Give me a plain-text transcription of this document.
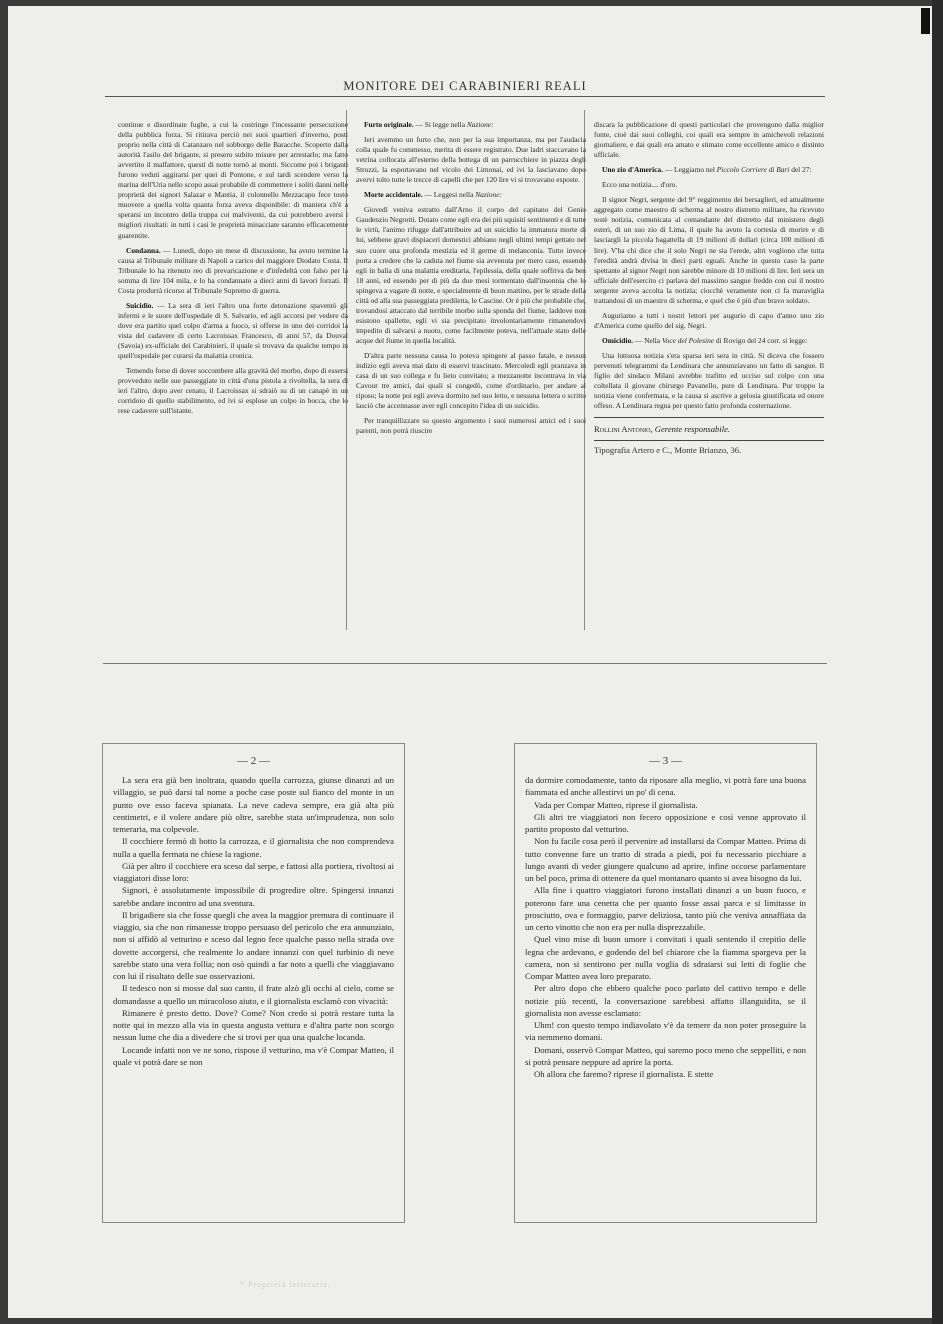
MONITORE DEI CARABINIERI REALI

continue e disordinate fughe, a cui la costringe l'incessante persecuzione della pubblica forza. Si ritirava perciò nei suoi quartieri d'inverno, posti proprio nella città di Catanzaro nel sobborgo delle Baracche. Scoperto dalla autorità l'asilo del brigante, si presero subito misure per arrestarlo; ma fatto avvertito il malfattore, questi di notte tornò ai monti. Siccome poi i briganti furono veduti aggirarsi per quei di Pontone, e sul tardi scendere verso la marina dell'Uria nello scopo assai probabile di commettere i soliti danni nelle proprietà dei signori Salazar e Mantia, il colonnello Mezzacapo fece tosto muovere a quella volta quanta forza aveva disponibile: di maniera ch'è a sperarsi un incontro della truppa coi malviventi, da cui potrebbero aversi i migliori risultati: in tutti i casi le proprietà minacciate saranno efficacemente guarentite.

Condanna. — Lunedì, dopo un mese di discussione, ha avuto termine la causa al Tribunale militare di Napoli a carico del maggiore Diodato Costa. Il Tribunale lo ha ritenuto reo di prevaricazione e d'infedeltà con falso per la somma di lire 104 mila, e lo ha condannato a dieci anni di lavori forzati. Il Costa produrrà ricorso al Tribunale Supremo di guerra.

Suicidio. — La sera di ieri l'altro una forte detonazione spaventò gli infermi e le suore dell'ospedale di S. Salvario, ed agli accorsi per vedere da dove era partito quel colpo d'arma a fuoco, si offerse in uno dei corridoi la vista del cadavere di certo Lacroissax Francesco, di anni 57, da Douval (Savoia) ex-ufficiale dei Carabinieri, il quale si trovava da qualche tempo in quell'ospedale per curarsi da malattia cronica.

Temendo forse di dover soccombere alla gravità del morbo, dopo di essersi provveduto nelle sue passeggiate in città d'una pistola a rivoltella, la sera di ieri l'altro, dopo aver cenato, il Lacroissax si sdraiò su di un canapè in un corridoio di quello stabilimento, ed ivi si esplose un colpo in bocca, che lo rese cadavere sull'istante.

Furto originale. — Si legge nella Nazione:

Ieri avemmo un furto che, non per la sua importanza, ma per l'audacia colla quale fu commesso, merita di essere registrato. Due ladri staccavano la vetrina collocata all'esterno della bottega di un parrucchiere in piazza degli Strozzi, la esportavano nel vicolo dei Limonai, ed ivi la lasciavano dopo avervi tolto tutte le trecce di capelli che per 120 lire vi si trovavano esposte.

Morte accidentale. — Leggesi nella Nazione:

Giovedì veniva estratto dall'Arno il corpo del capitano del Genio Gaudenzio Negrotti. Dotato come egli era dei più squisiti sentimenti e di tutte le virtù, l'animo rifugge dall'attribuire ad un suicidio la immatura morte di lui, sebbene gravi dispiaceri domestici abbiano negli ultimi tempi gettato nel suo cuore una profonda mestizia ed il germe di melanconia. Tutto invece porta a credere che la caduta nel fiume sia avvenuta per mero caso, essendo egli in balìa di una malattia ereditaria, l'epilessia, della quale soffriva da ben 18 anni, ed essendo per di più da due mesi tormentato dall'insonnia che lo spingeva a vagare di notte, e specialmente di buon mattino, per le strade della città od alla sua passeggiata prediletta, le Cascine. Or è più che probabile che, trovandosi attaccato dal terribile morbo sulla sponda del fiume, laddove non esistono spallette, egli vi sia precipitato involontariamente rimanendovi impedito di salvarsi a nuoto, come facilmente poteva, nell'attuale stato delle acque del fiume in quella località.

D'altra parte nessuna causa lo poteva spingere al passo fatale, e nessun indizio egli aveva mai dato di esservi trascinato. Mercoledì egli pranzava in casa di un suo collega e fu lieto convitato; a mezzanotte incontrava in via Cavour tre amici, dai quali si congedò, come d'ordinario, per andare al riposo; la notte poi egli aveva dormito nel suo letto, e nessuna lettera o scritto lasciò che accennasse aver egli concepito l'idea di un suicidio.

Per tranquillizzare su questo argomento i suoi numerosi amici ed i suoi parenti, non potrà riuscire

discara la pubblicazione di questi particolari che provengono dalla miglior fonte, cioè dai suoi colleghi, coi quali era sempre in amichevoli relazioni giornaliere, e dai quali era amato e stimato come eccellente amico e distinto ufficiale.

Uno zio d'America. — Leggiamo nel Piccolo Corriere di Bari del 27:

Ecco una notizia.... d'oro.

Il signor Negri, sergente del 9° reggimento dei bersaglieri, ed attualmente aggregato come maestro di scherma al nostro distretto militare, ha ricevuto testè notizia, comunicata al comandante del distretto dal ministero degli esteri, di un suo zio di Lima, il quale ha avuto la cortesia di morire e di lasciargli la piccola bagattella di 19 milioni di dollari (circa 100 milioni di lire). V'ha chi dice che il solo Negri ne sia l'erede, altri vogliono che tutta l'eredità andrà divisa in dieci parti eguali. Anche in questo caso la parte spettante al signor Negri non sarebbe minore di 10 milioni di lire. Ieri sera un ufficiale dell'esercito ci parlava del massimo sangue freddo con cui il nostro sergente aveva accolta la notizia; ciocchè veramente non ci fa maraviglia trattandosi di un maestro di scherma, e quel che è più d'un bravo soldato.

Auguriamo a tutti i nostri lettori per augurio di capo d'anno uno zio d'America come quello del sig. Negri.

Omicidio. — Nella Voce del Polesine di Rovigo del 24 corr. si legge:

Una luttuosa notizia s'era sparsa ieri sera in città. Si diceva che fossero pervenuti telegrammi da Lendinara che annunziavano un fatto di sangue. Il figlio del sindaco Milani avrebbe trafitto ed ucciso sul colpo con una coltellata il giovane chirurgo Pavanello, pure di Lendinara. Pur troppo la notizia viene confermata, e la causa si ascrive a gelosia giustificata ed onore offeso. A Lendinara regna per questo fatto profonda costernazione.

Rollini Antonio, Gerente responsabile.
Tipografia Artero e C., Monte Brianzo, 36.
— 2 —

La sera era già ben inoltrata, quando quella carrozza, giunse dinanzi ad un villaggio, se può darsi tal nome a poche case poste sul fianco del monte in un punto ove esso faceva spianata. La neve cadeva sempre, era già alta più centimetri, e il volere andare più oltre, sarebbe stata un'imprudenza, non solo temeraria, ma colpevole.

Il cocchiere fermò di botto la carrozza, e il giornalista che non comprendeva nulla a quella fermata ne chiese la ragione.

Già per altro il cocchiere era sceso dal serpe, e fattosi alla portiera, rivoltosi ai viaggiatori disse loro:

Signori, è assolutamente impossibile di progredire oltre. Spingersi innanzi sarebbe andare incontro ad una sventura.

Il brigadiere sia che fosse quegli che avea la maggior premura di continuare il viaggio, sia che non rimanesse troppo persuaso del pericolo che era annunziato, non si affidò al vetturino e sceso dal legno fece qualche passo nella strada ove dovette accorgersi, che realmente lo andare innanzi con quel turbinio di neve sarebbe stato una vera follia; non osò quindi a far noto a quelli che viaggiavano con lui il risultato delle sue osservazioni.

Il tedesco non si mosse dal suo canto, il frate alzò gli occhi al cielo, come se domandasse a quello un miracoloso aiuto, e il giornalista esclamò con vivacità:

Rimanere è presto detto. Dove? Come? Non credo si potrà restare tutta la notte qui in mezzo alla via in questa angusta vettura e d'altra parte non scorgo nessun lume che dia a divedere che si trovi per qua una qualche locanda.

Locande infatti non ve ne sono, rispose il vetturino, ma v'è Compar Matteo, il quale vi potrà dare se non

— 3 —

da dormire comodamente, tanto da riposare alla meglio, vi potrà fare una buona fiammata ed anche allestirvi un po' di cena.

Vada per Compar Matteo, riprese il giornalista.

Gli altri tre viaggiatori non fecero opposizione e così venne approvato il partito proposto dal vetturino.

Non fu facile cosa però il pervenire ad installarsi da Compar Matteo. Prima di tutto convenne fare un tratto di strada a piedi, poi fu necessario picchiare a lungo avanti di veder giungere qualcuno ad aprire, infine occorse parlamentare un bel poco, prima di ottenere da quel montanaro quanto si avea bisogno da lui.

Alla fine i quattro viaggiatori furono installati dinanzi a un buon fuoco, e poterono fare una cenetta che per quanto fosse assai parca e si limitasse in prosciutto, ova e formaggio, parve deliziosa, tanto più che veniva annaffiata da un certo vinotto che non era per nulla disprezzabile.

Quel vino mise di buon umore i convitati i quali sentendo il crepitìo delle legna che ardevano, e godendo del bel chiarore che la fiamma spargeva per la camera, non si sentirono per nulla voglia di sdraiarsi sui letti di foglie che Compar Matteo avea loro preparato.

Per altro dopo che ebbero qualche poco parlato del cattivo tempo e delle notizie più recenti, la conversazione sarebbesi affatto illanguidita, se il giornalista non avesse esclamato:

Uhm! con questo tempo indiavolato v'è da temere da non poter proseguire la via nemmeno domani.

Domani, osservò Compar Matteo, qui saremo poco meno che seppelliti, e non si potrà pensare neppure ad aprire la porta.

Oh allora che faremo? riprese il giornalista. E stette

* Proprietà letteraria.
